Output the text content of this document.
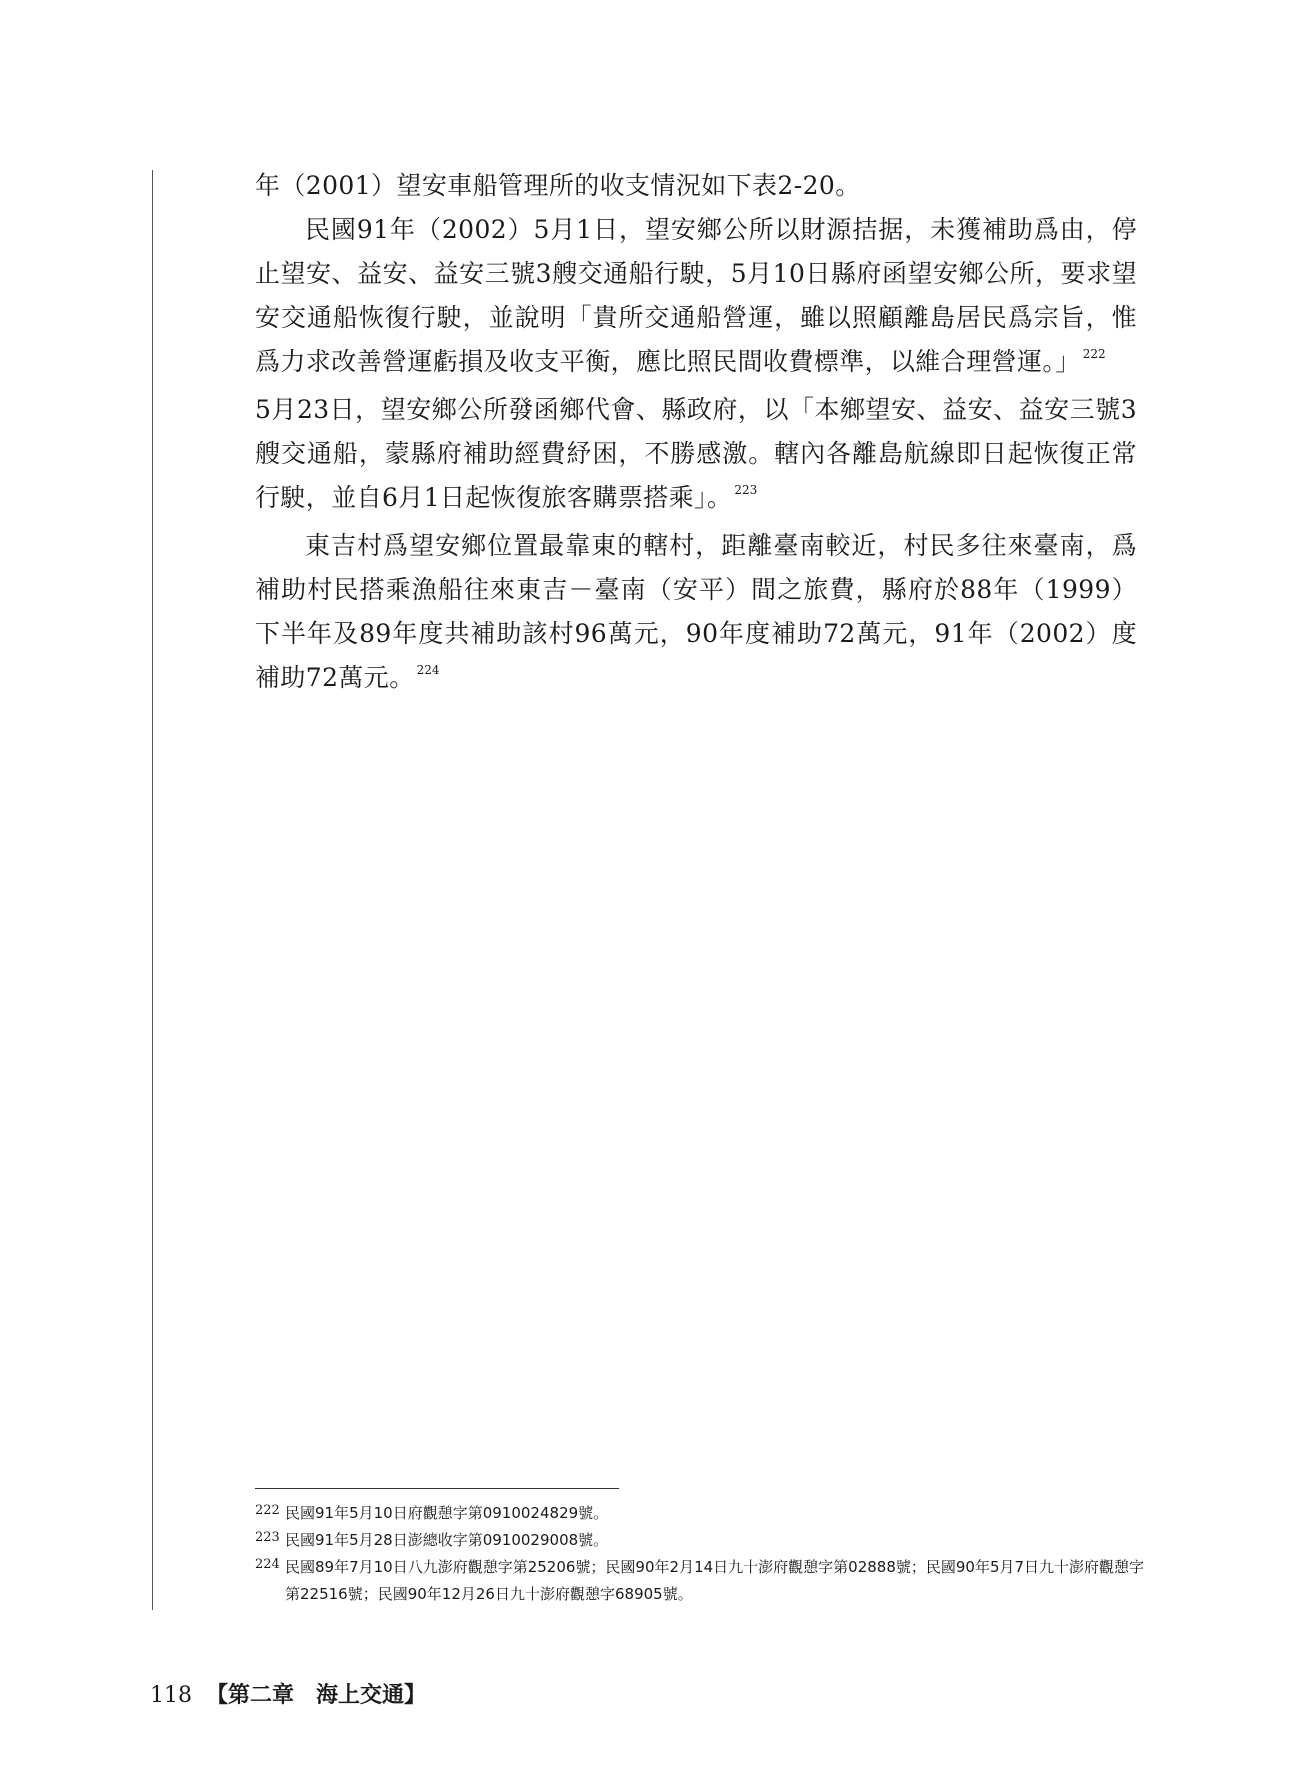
年（2001）望安車船管理所的收支情況如下表2-20。

民國91年（2002）5月1日，望安鄉公所以財源拮据，未獲補助爲由，停止望安、益安、益安三號3艘交通船行駛，5月10日縣府函望安鄉公所，要求望安交通船恢復行駛，並說明「貴所交通船營運，雖以照顧離島居民爲宗旨，惟爲力求改善營運虧損及收支平衡，應比照民間收費標準，以維合理營運。」 $^{222}$

5月23日，望安鄉公所發函鄉代會、縣政府，以「本鄉望安、益安、益安三號3艘交通船，蒙縣府補助經費紓困，不勝感激。轄內各離島航線即日起恢復正常行駛，並自6月1日起恢復旅客購票搭乘」。 $^{223}$

東吉村爲望安鄉位置最靠東的轄村，距離臺南較近，村民多往來臺南，爲補助村民搭乘漁船往來東吉－臺南（安平）間之旅費，縣府於88年（1999）下半年及89年度共補助該村96萬元，90年度補助72萬元，91年（2002）度補助72萬元。 $^{224}$

222 民國91年5月10日府觀憩字第0910024829號。
223 民國91年5月28日澎總收字第0910029008號。
224 民國89年7月10日八九澎府觀憩字第25206號；民國90年2月14日九十澎府觀憩字第02888號；民國90年5月7日九十澎府觀憩字第22516號；民國90年12月26日九十澎府觀憩字68905號。
118 【第二章　海上交通】
